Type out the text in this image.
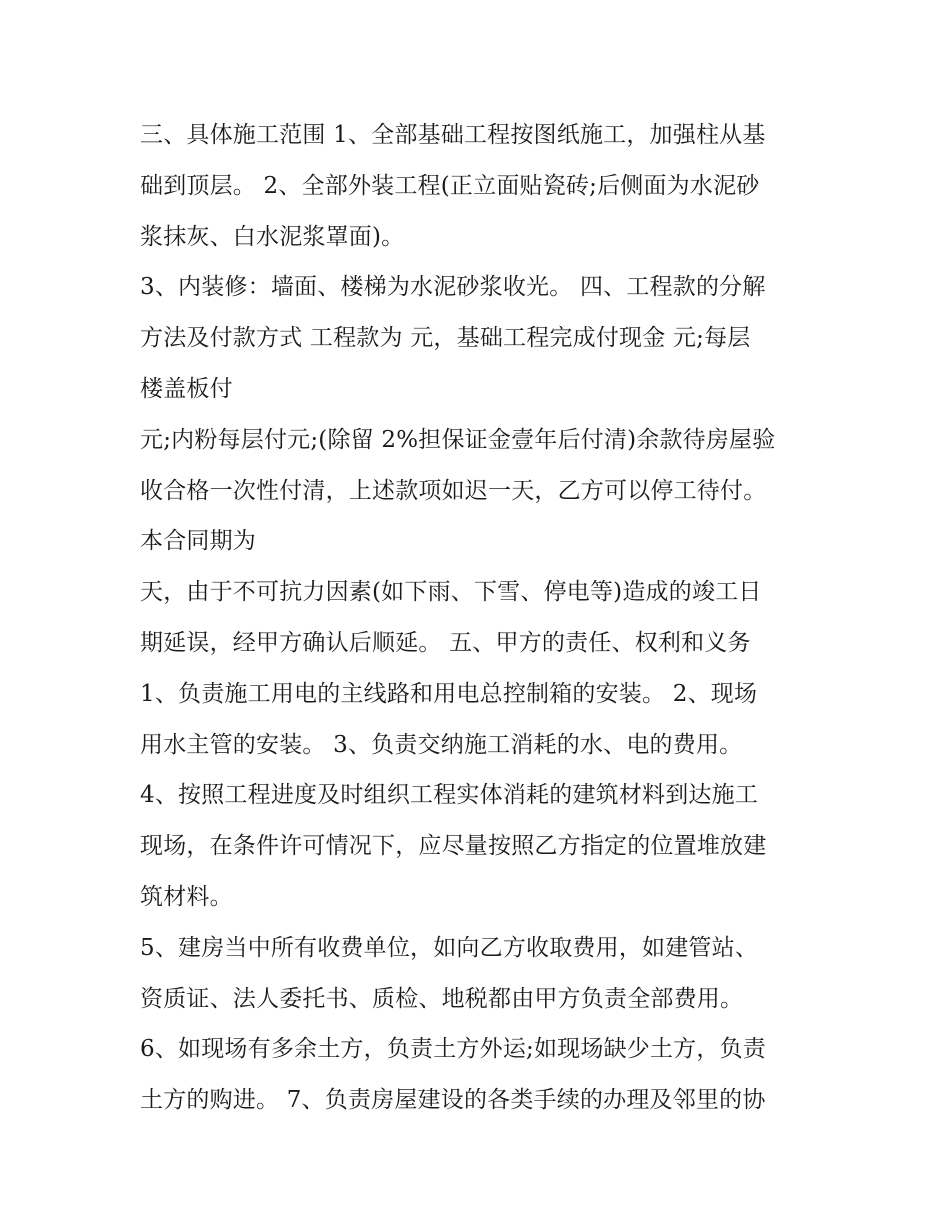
三、具体施工范围 1、全部基础工程按图纸施工，加强柱从基
础到顶层。 2、全部外装工程(正立面贴瓷砖;后侧面为水泥砂
浆抹灰、白水泥浆罩面)。
3、内装修：墙面、楼梯为水泥砂浆收光。 四、工程款的分解
方法及付款方式 工程款为 元，基础工程完成付现金 元;每层
楼盖板付
元;内粉每层付元;(除留 2%担保证金壹年后付清)余款待房屋验
收合格一次性付清，上述款项如迟一天，乙方可以停工待付。
本合同期为
天，由于不可抗力因素(如下雨、下雪、停电等)造成的竣工日
期延误，经甲方确认后顺延。 五、甲方的责任、权利和义务
1、负责施工用电的主线路和用电总控制箱的安装。 2、现场
用水主管的安装。 3、负责交纳施工消耗的水、电的费用。
4、按照工程进度及时组织工程实体消耗的建筑材料到达施工
现场，在条件许可情况下，应尽量按照乙方指定的位置堆放建
筑材料。
5、建房当中所有收费单位，如向乙方收取费用，如建管站、
资质证、法人委托书、质检、地税都由甲方负责全部费用。
6、如现场有多余土方，负责土方外运;如现场缺少土方，负责
土方的购进。 7、负责房屋建设的各类手续的办理及邻里的协
